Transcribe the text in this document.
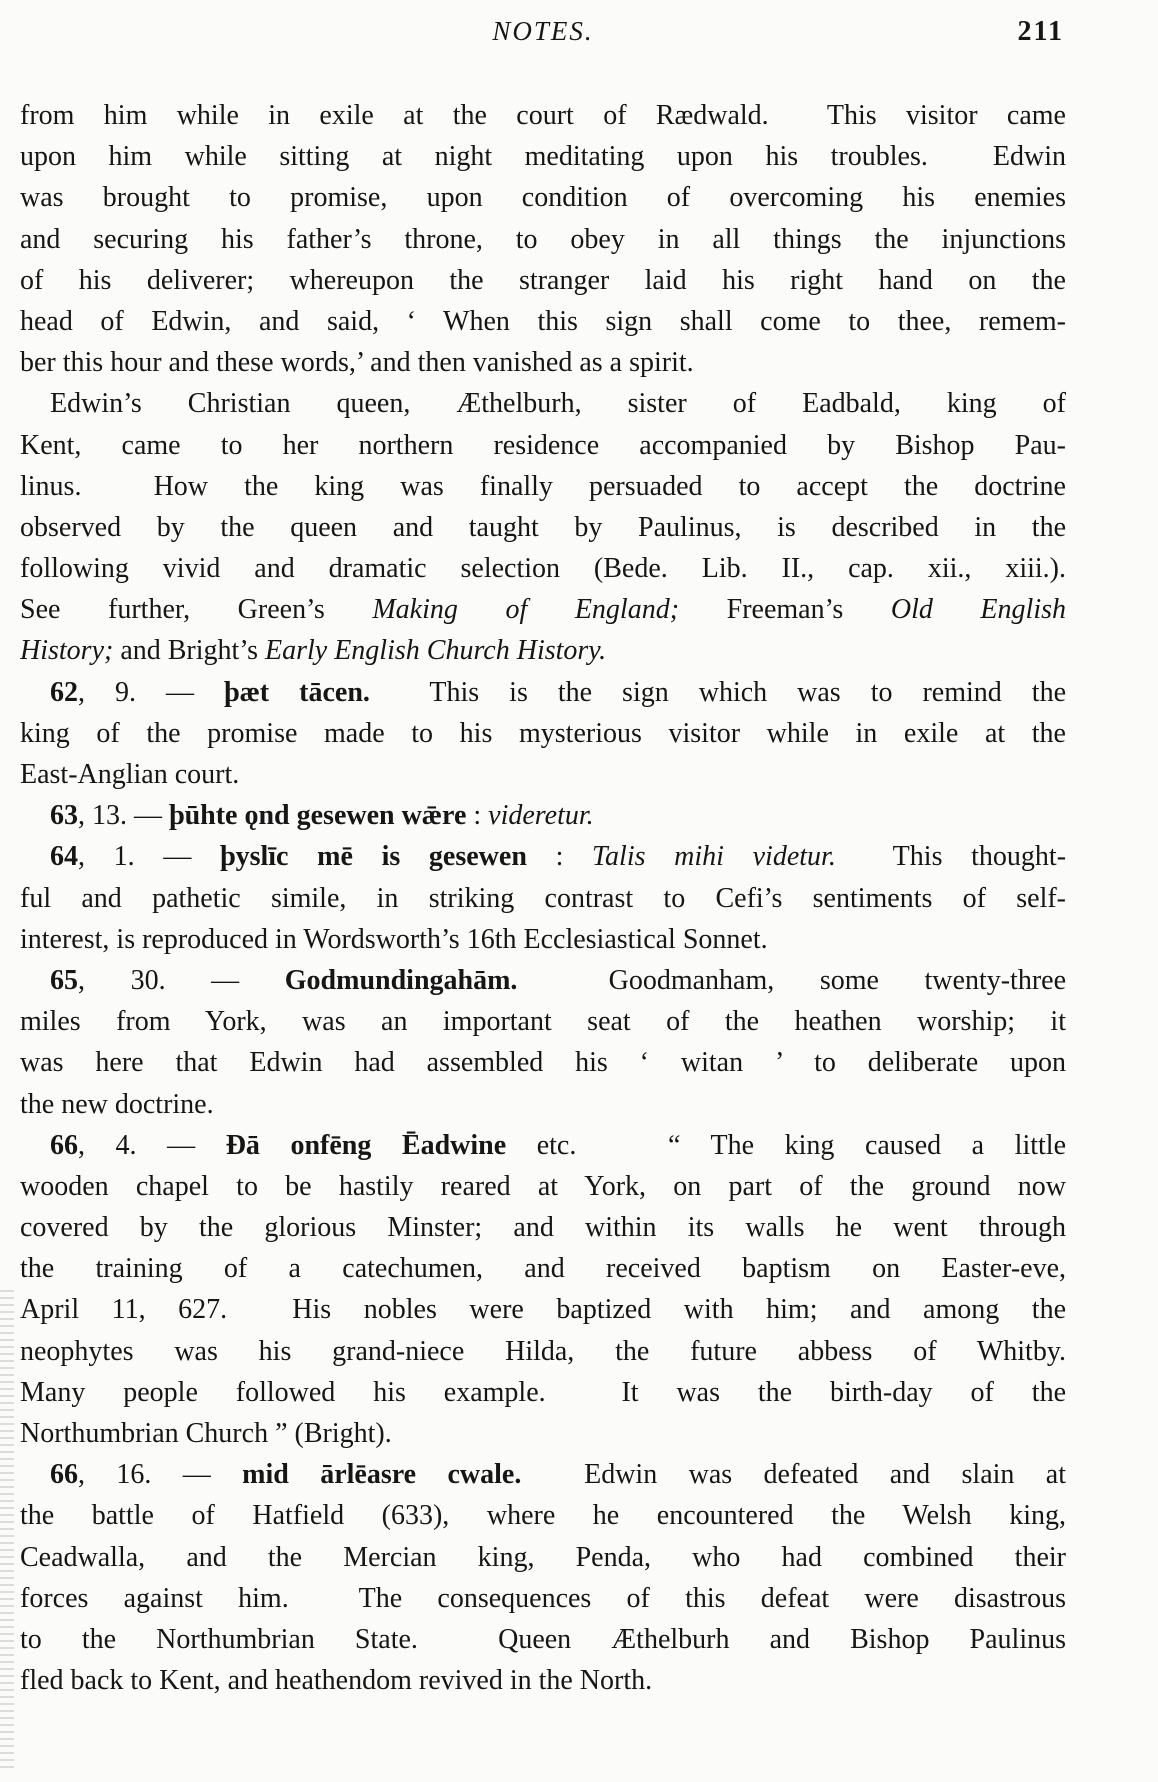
NOTES.	211
from him while in exile at the court of Rædwald.  This visitor came
upon him while sitting at night meditating upon his troubles.  Edwin
was brought to promise, upon condition of overcoming his enemies
and securing his father’s throne, to obey in all things the injunctions
of his deliverer; whereupon the stranger laid his right hand on the
head of Edwin, and said, ‘ When this sign shall come to thee, remem-
ber this hour and these words,’ and then vanished as a spirit.
Edwin’s Christian queen, Æthelburh, sister of Eadbald, king of
Kent, came to her northern residence accompanied by Bishop Pau-
linus.  How the king was finally persuaded to accept the doctrine
observed by the queen and taught by Paulinus, is described in the
following vivid and dramatic selection (Bede. Lib. II., cap. xii., xiii.).
See further, Green’s Making of England; Freeman’s Old English
History; and Bright’s Early English Church History.
62, 9. — þæt tācen.  This is the sign which was to remind the
king of the promise made to his mysterious visitor while in exile at the
East-Anglian court.
63, 13. — þūhte ǫnd gesewen wǣre : videretur.
64, 1. — þyslīc mē is gesewen : Talis mihi videtur.  This thought-
ful and pathetic simile, in striking contrast to Cefi’s sentiments of self-
interest, is reproduced in Wordsworth’s 16th Ecclesiastical Sonnet.
65, 30. — Godmundingahām.  Goodmanham, some twenty-three
miles from York, was an important seat of the heathen worship; it
was here that Edwin had assembled his ‘ witan ’ to deliberate upon
the new doctrine.
66, 4. — Đā onfēng Ēadwine etc.   “ The king caused a little
wooden chapel to be hastily reared at York, on part of the ground now
covered by the glorious Minster; and within its walls he went through
the training of a catechumen, and received baptism on Easter-eve,
April 11, 627.  His nobles were baptized with him; and among the
neophytes was his grand-niece Hilda, the future abbess of Whitby.
Many people followed his example.  It was the birth-day of the
Northumbrian Church ” (Bright).
66, 16. — mid ārlēasre cwale.  Edwin was defeated and slain at
the battle of Hatfield (633), where he encountered the Welsh king,
Ceadwalla, and the Mercian king, Penda, who had combined their
forces against him.  The consequences of this defeat were disastrous
to the Northumbrian State.  Queen Æthelburh and Bishop Paulinus
fled back to Kent, and heathendom revived in the North.
